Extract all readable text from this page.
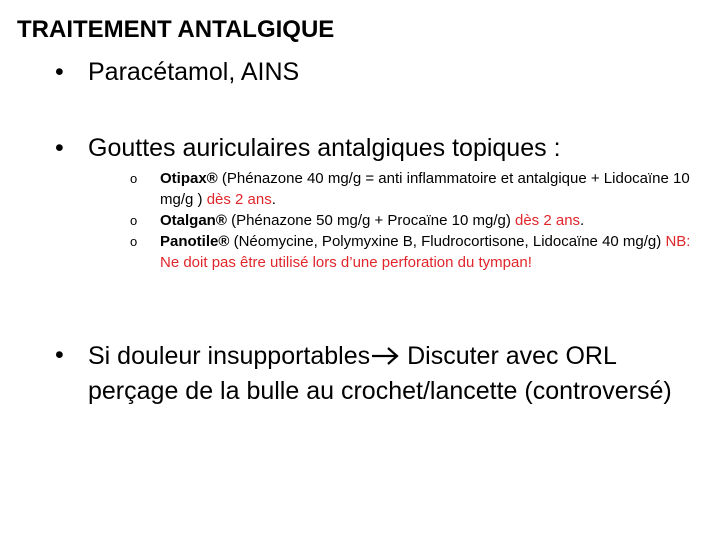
TRAITEMENT ANTALGIQUE
• Paracétamol, AINS
• Gouttes auriculaires antalgiques topiques :

o Otipax® (Phénazone 40 mg/g = anti inflammatoire et antalgique + Lidocaïne 10 mg/g ) dès 2 ans.

o Otalgan® (Phénazone 50 mg/g + Procaïne 10 mg/g) dès 2 ans.

o Panotile® (Néomycine, Polymyxine B, Fludrocortisone, Lidocaïne 40 mg/g) NB: Ne doit pas être utilisé lors d’une perforation du tympan!

• Si douleur insupportables Discuter avec ORL perçage de la bulle au crochet/lancette (controversé)
